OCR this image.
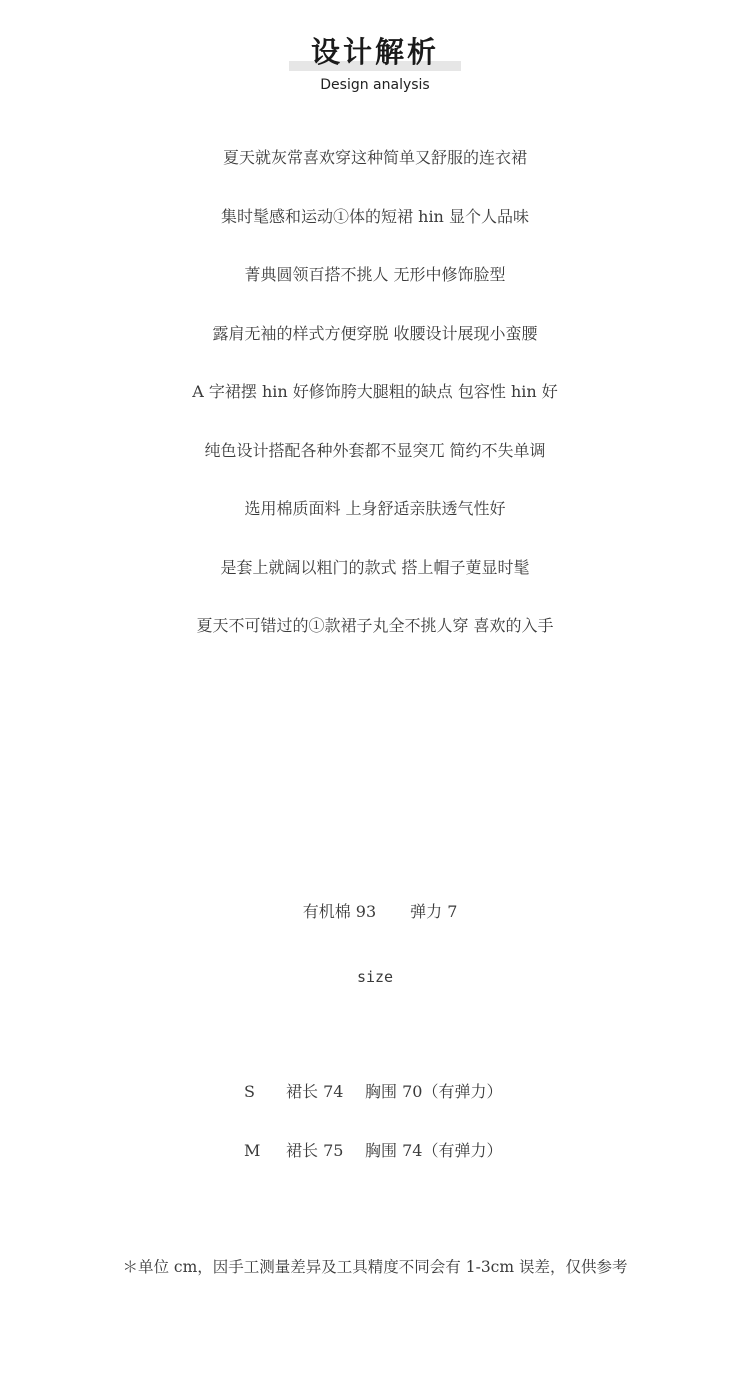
设计解析
Design analysis
夏天就灰常喜欢穿这种简单又舒服的连衣裙
集时髦感和运动①体的短裙 hin 显个人品味
菁典圆领百搭不挑人 无形中修饰脸型
露肩无袖的样式方便穿脱 收腰设计展现小蛮腰
A 字裙摆 hin 好修饰胯大腿粗的缺点 包容性 hin 好
纯色设计搭配各种外套都不显突兀 简约不失单调
选用棉质面料 上身舒适亲肤透气性好
是套上就阔以粗门的款式 搭上帽子莄显时髦
夏天不可错过的①款裙子丸全不挑人穿 喜欢的入手

有机棉 93 弹力 7

size
S 裙长 74 胸围 70（有弹力）
M 裙长 75 胸围 74（有弹力）
＊单位 cm，因手工测量差异及工具精度不同会有 1-3cm 误差，仅供参考
